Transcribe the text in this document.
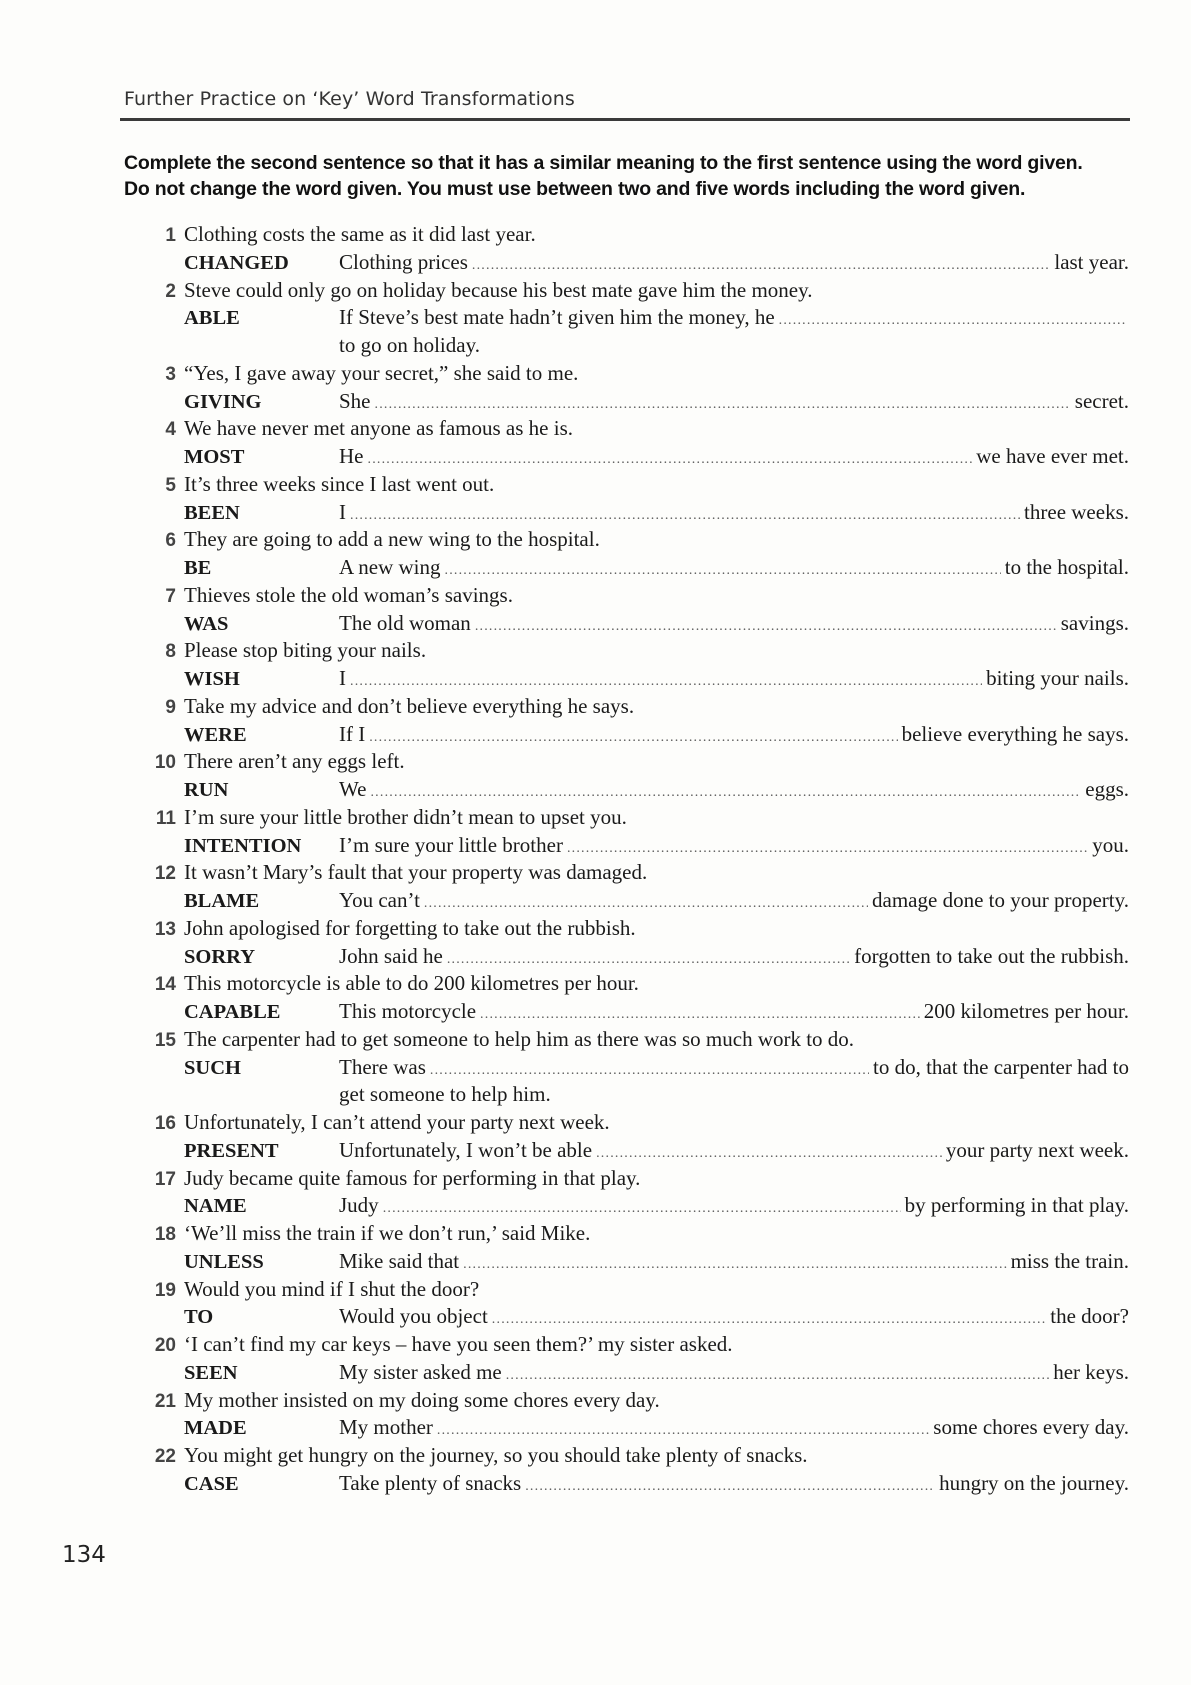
Further Practice on ‘Key’ Word Transformations
Complete the second sentence so that it has a similar meaning to the first sentence using the word given.
Do not change the word given. You must use between two and five words including the word given.
1 Clothing costs the same as it did last year.
CHANGED	Clothing prices .....	last year.
2 Steve could only go on holiday because his best mate gave him the money.
ABLE	If Steve’s best mate hadn’t given him the money, he
.....
to go on holiday.
3 “Yes, I gave away your secret,” she said to me.
GIVING	She .....	secret.
4 We have never met anyone as famous as he is.
MOST	He .....	we have ever met.
5 It’s three weeks since I last went out.
BEEN	I .....	three weeks.
6 They are going to add a new wing to the hospital.
BE	A new wing .....	to the hospital.
7 Thieves stole the old woman’s savings.
WAS	The old woman .....	savings.
8 Please stop biting your nails.
WISH	I .....	biting your nails.
9 Take my advice and don’t believe everything he says.
WERE	If I .....	believe everything he says.
10 There aren’t any eggs left.
RUN	We .....	eggs.
11 I’m sure your little brother didn’t mean to upset you.
INTENTION	I’m sure your little brother .....	you.
12 It wasn’t Mary’s fault that your property was damaged.
BLAME	You can’t .....	damage done to your property.
13 John apologised for forgetting to take out the rubbish.
SORRY	John said he .....	forgotten to take out the rubbish.
14 This motorcycle is able to do 200 kilometres per hour.
CAPABLE	This motorcycle .....	200 kilometres per hour.
15 The carpenter had to get someone to help him as there was so much work to do.
SUCH	There was .....	to do, that the carpenter had to
get someone to help him.
16 Unfortunately, I can’t attend your party next week.
PRESENT	Unfortunately, I won’t be able .....	your party next week.
17 Judy became quite famous for performing in that play.
NAME	Judy .....	by performing in that play.
18 ‘We’ll miss the train if we don’t run,’ said Mike.
UNLESS	Mike said that .....	miss the train.
19 Would you mind if I shut the door?
TO	Would you object .....	the door?
20 ‘I can’t find my car keys – have you seen them?’ my sister asked.
SEEN	My sister asked me .....	her keys.
21 My mother insisted on my doing some chores every day.
MADE	My mother .....	some chores every day.
22 You might get hungry on the journey, so you should take plenty of snacks.
CASE	Take plenty of snacks .....	hungry on the journey.
134
